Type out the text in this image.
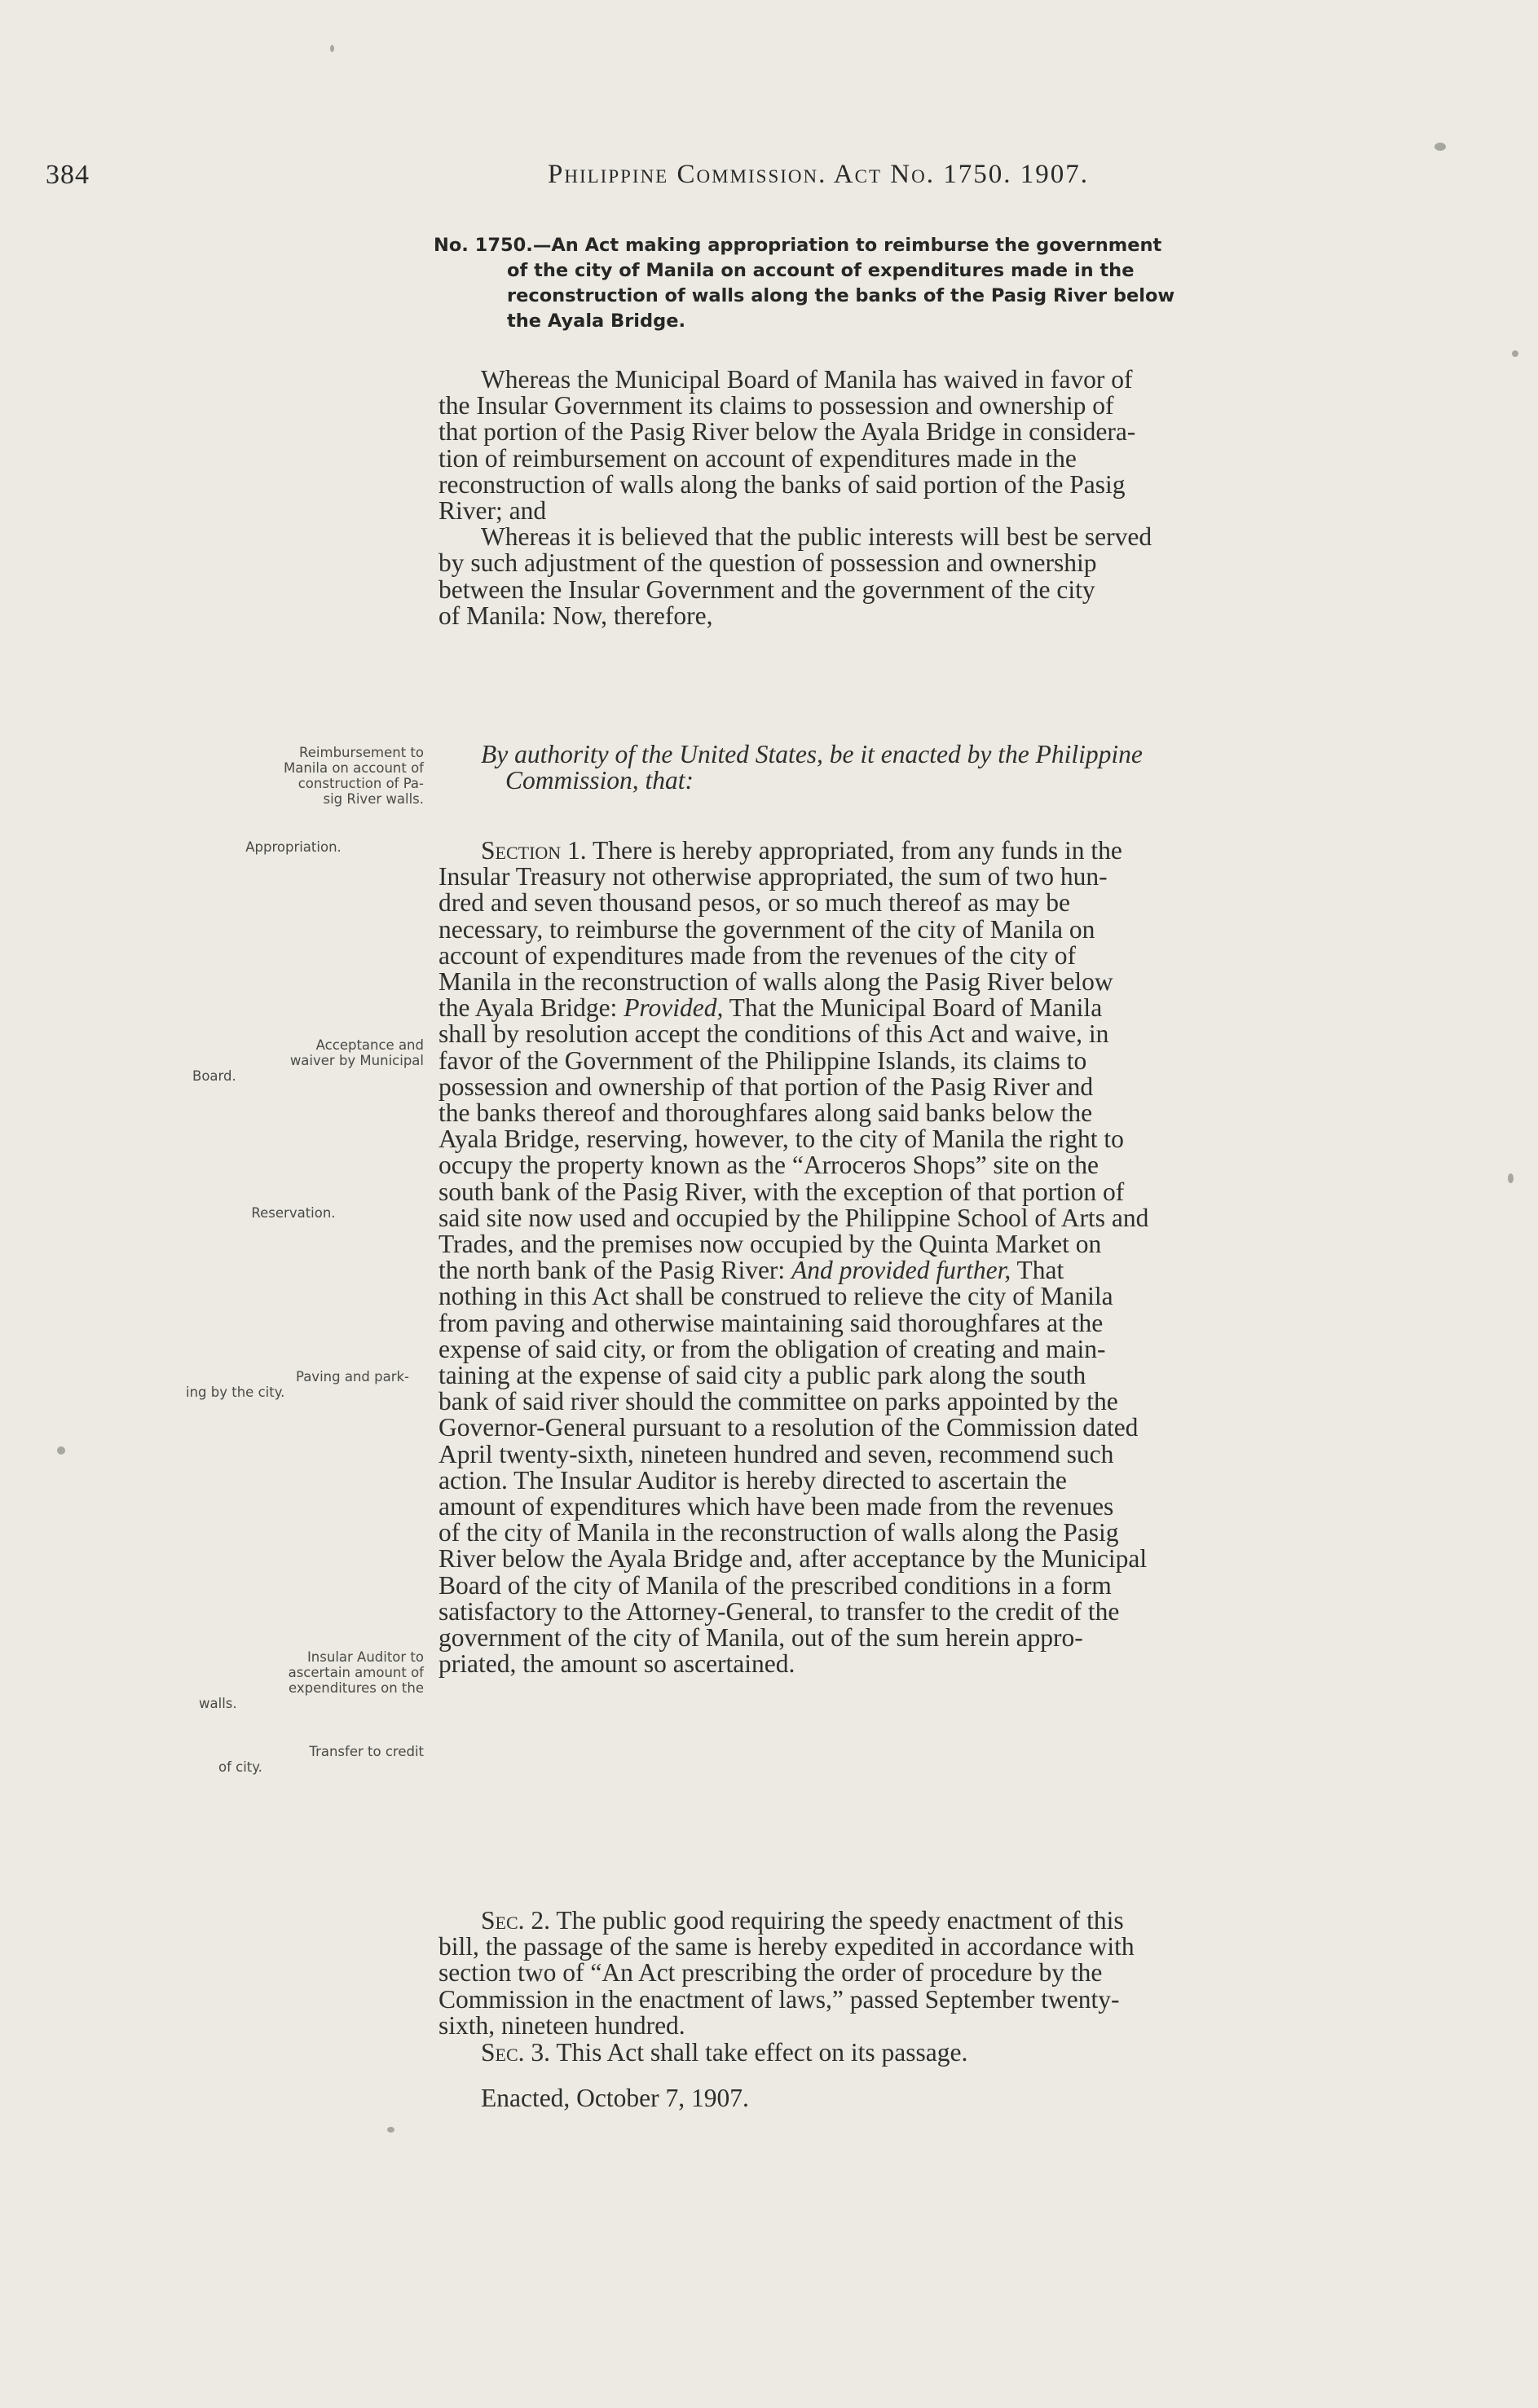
384	Philippine Commission. Act No. 1750. 1907.
No. 1750.—An Act making appropriation to reimburse the government
of the city of Manila on account of expenditures made in the
reconstruction of walls along the banks of the Pasig River below
the Ayala Bridge.
Whereas the Municipal Board of Manila has waived in favor of
the Insular Government its claims to possession and ownership of
that portion of the Pasig River below the Ayala Bridge in considera-
tion of reimbursement on account of expenditures made in the
reconstruction of walls along the banks of said portion of the Pasig
River; and
Whereas it is believed that the public interests will best be served
by such adjustment of the question of possession and ownership
between the Insular Government and the government of the city
of Manila: Now, therefore,
By authority of the United States, be it enacted by the Philippine
Commission, that:
Section 1. There is hereby appropriated, from any funds in the
Insular Treasury not otherwise appropriated, the sum of two hun-
dred and seven thousand pesos, or so much thereof as may be
necessary, to reimburse the government of the city of Manila on
account of expenditures made from the revenues of the city of
Manila in the reconstruction of walls along the Pasig River below
the Ayala Bridge: Provided, That the Municipal Board of Manila
shall by resolution accept the conditions of this Act and waive, in
favor of the Government of the Philippine Islands, its claims to
possession and ownership of that portion of the Pasig River and
the banks thereof and thoroughfares along said banks below the
Ayala Bridge, reserving, however, to the city of Manila the right to
occupy the property known as the “Arroceros Shops” site on the
south bank of the Pasig River, with the exception of that portion of
said site now used and occupied by the Philippine School of Arts and
Trades, and the premises now occupied by the Quinta Market on
the north bank of the Pasig River: And provided further, That
nothing in this Act shall be construed to relieve the city of Manila
from paving and otherwise maintaining said thoroughfares at the
expense of said city, or from the obligation of creating and main-
taining at the expense of said city a public park along the south
bank of said river should the committee on parks appointed by the
Governor-General pursuant to a resolution of the Commission dated
April twenty-sixth, nineteen hundred and seven, recommend such
action. The Insular Auditor is hereby directed to ascertain the
amount of expenditures which have been made from the revenues
of the city of Manila in the reconstruction of walls along the Pasig
River below the Ayala Bridge and, after acceptance by the Municipal
Board of the city of Manila of the prescribed conditions in a form
satisfactory to the Attorney-General, to transfer to the credit of the
government of the city of Manila, out of the sum herein appro-
priated, the amount so ascertained.
Sec. 2. The public good requiring the speedy enactment of this
bill, the passage of the same is hereby expedited in accordance with
section two of “An Act prescribing the order of procedure by the
Commission in the enactment of laws,” passed September twenty-
sixth, nineteen hundred.
Sec. 3. This Act shall take effect on its passage.
Enacted, October 7, 1907.
Reimbursement to
Manila on account of
construction of Pa-
sig River walls.
Appropriation.
Acceptance and
waiver by Municipal
Board.
Reservation.
Paving and park-
ing by the city.
Insular Auditor to
ascertain amount of
expenditures on the
walls.
Transfer to credit
of city.
